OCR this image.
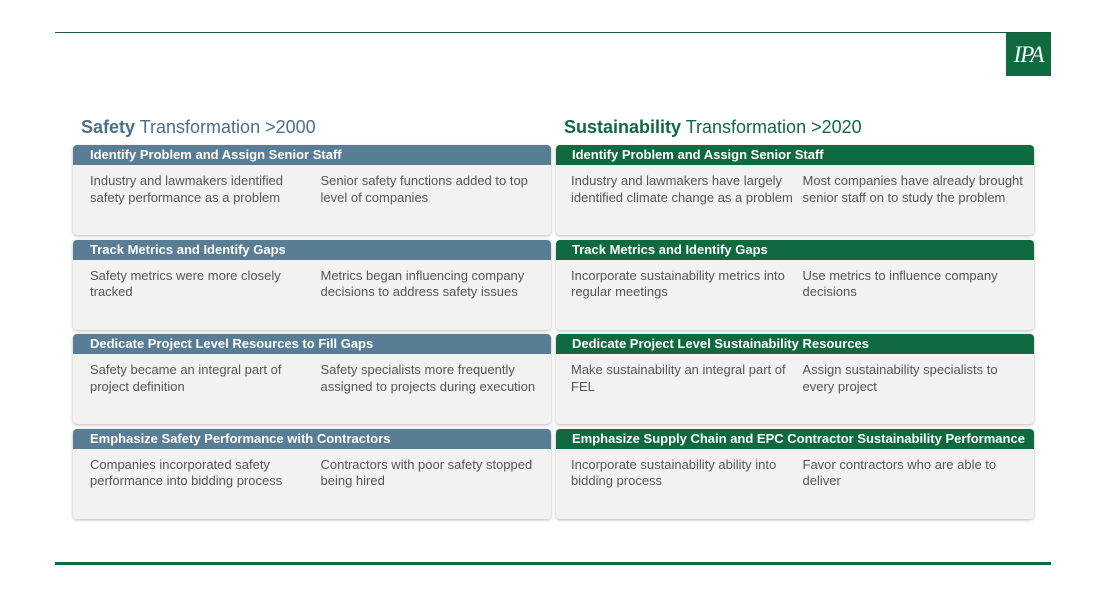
IPA
Safety Transformation >2000
Identify Problem and Assign Senior Staff
Industry and lawmakers identified safety performance as a problem
Senior safety functions added to top level of companies
Track Metrics and Identify Gaps
Safety metrics were more closely tracked
Metrics began influencing company decisions to address safety issues
Dedicate Project Level Resources to Fill Gaps
Safety became an integral part of project definition
Safety specialists more frequently assigned to projects during execution
Emphasize Safety Performance with Contractors
Companies incorporated safety performance into bidding process
Contractors with poor safety stopped being hired
Sustainability Transformation >2020
Identify Problem and Assign Senior Staff
Industry and lawmakers have largely identified climate change as a problem
Most companies have already brought senior staff on to study the problem
Track Metrics and Identify Gaps
Incorporate sustainability metrics into regular meetings
Use metrics to influence company decisions
Dedicate Project Level Sustainability Resources
Make sustainability an integral part of FEL
Assign sustainability specialists to every project
Emphasize Supply Chain and EPC Contractor Sustainability Performance
Incorporate sustainability ability into bidding process
Favor contractors who are able to deliver
